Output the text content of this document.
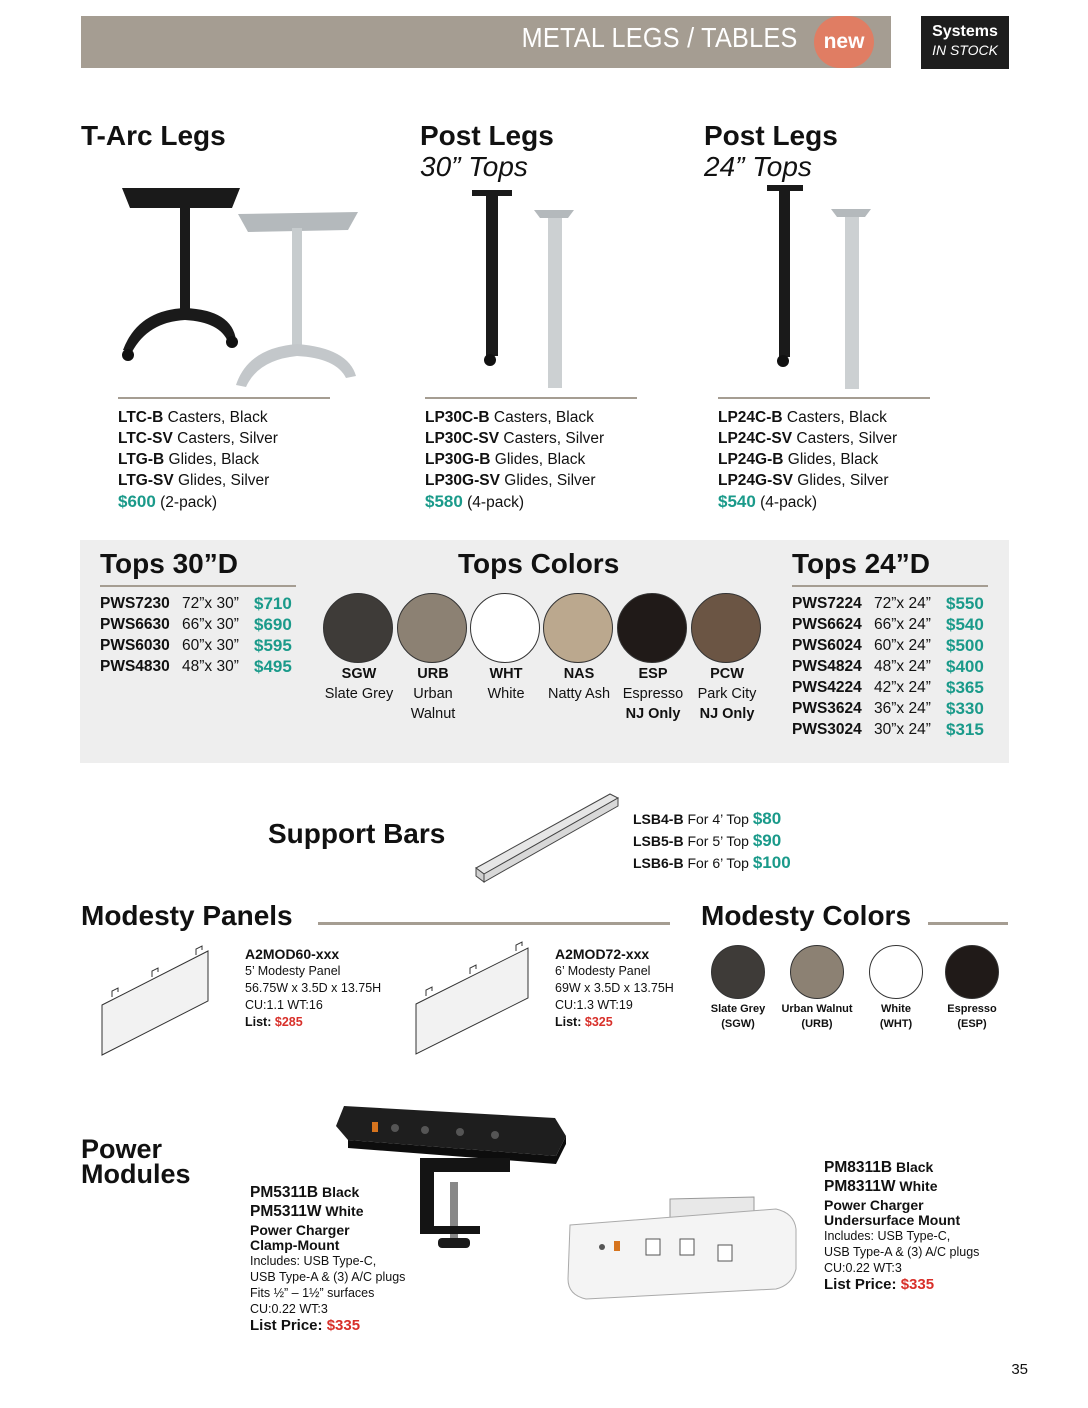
METAL LEGS / TABLES	new	Systems
IN STOCK
T-Arc Legs
LTC-B Casters, Black
LTC-SV Casters, Silver
LTG-B Glides, Black
LTG-SV Glides, Silver
$600 (2-pack)
Post Legs
30” Tops
LP30C-B Casters, Black
LP30C-SV Casters, Silver
LP30G-B Glides, Black
LP30G-SV Glides, Silver
$580 (4-pack)
Post Legs
24” Tops
LP24C-B Casters, Black
LP24C-SV Casters, Silver
LP24G-B Glides, Black
LP24G-SV Glides, Silver
$540 (4-pack)
Tops 30”D
PWS7230 72”x 30” $710
PWS6630 66”x 30” $690
PWS6030 60”x 30” $595
PWS4830 48”x 30” $495
Tops Colors
SGW
Slate Grey
URB
Urban
Walnut
WHT
White
NAS
Natty Ash
ESP
Espresso
NJ Only
PCW
Park City
NJ Only
Tops 24”D
PWS7224 72”x 24” $550
PWS6624 66”x 24” $540
PWS6024 60”x 24” $500
PWS4824 48”x 24” $400
PWS4224 42”x 24” $365
PWS3624 36”x 24” $330
PWS3024 30”x 24” $315
Support Bars	LSB4-B For 4’ Top $80
LSB5-B For 5’ Top $90
LSB6-B For 6’ Top $100
Modesty Panels
A2MOD60-xxx
5’ Modesty Panel
56.75W x 3.5D x 13.75H
CU:1.1 WT:16
List: $285
A2MOD72-xxx
6’ Modesty Panel
69W x 3.5D x 13.75H
CU:1.3 WT:19
List: $325
Modesty Colors
Slate Grey
(SGW)
Urban Walnut
(URB)
White
(WHT)
Espresso
(ESP)
Power
Modules
PM5311B Black
PM5311W White
Power Charger
Clamp-Mount
Includes: USB Type-C,
USB Type-A & (3) A/C plugs
Fits ½” – 1½” surfaces
CU:0.22 WT:3
List Price: $335
PM8311B Black
PM8311W White
Power Charger
Undersurface Mount
Includes: USB Type-C,
USB Type-A & (3) A/C plugs
CU:0.22 WT:3
List Price: $335
35
